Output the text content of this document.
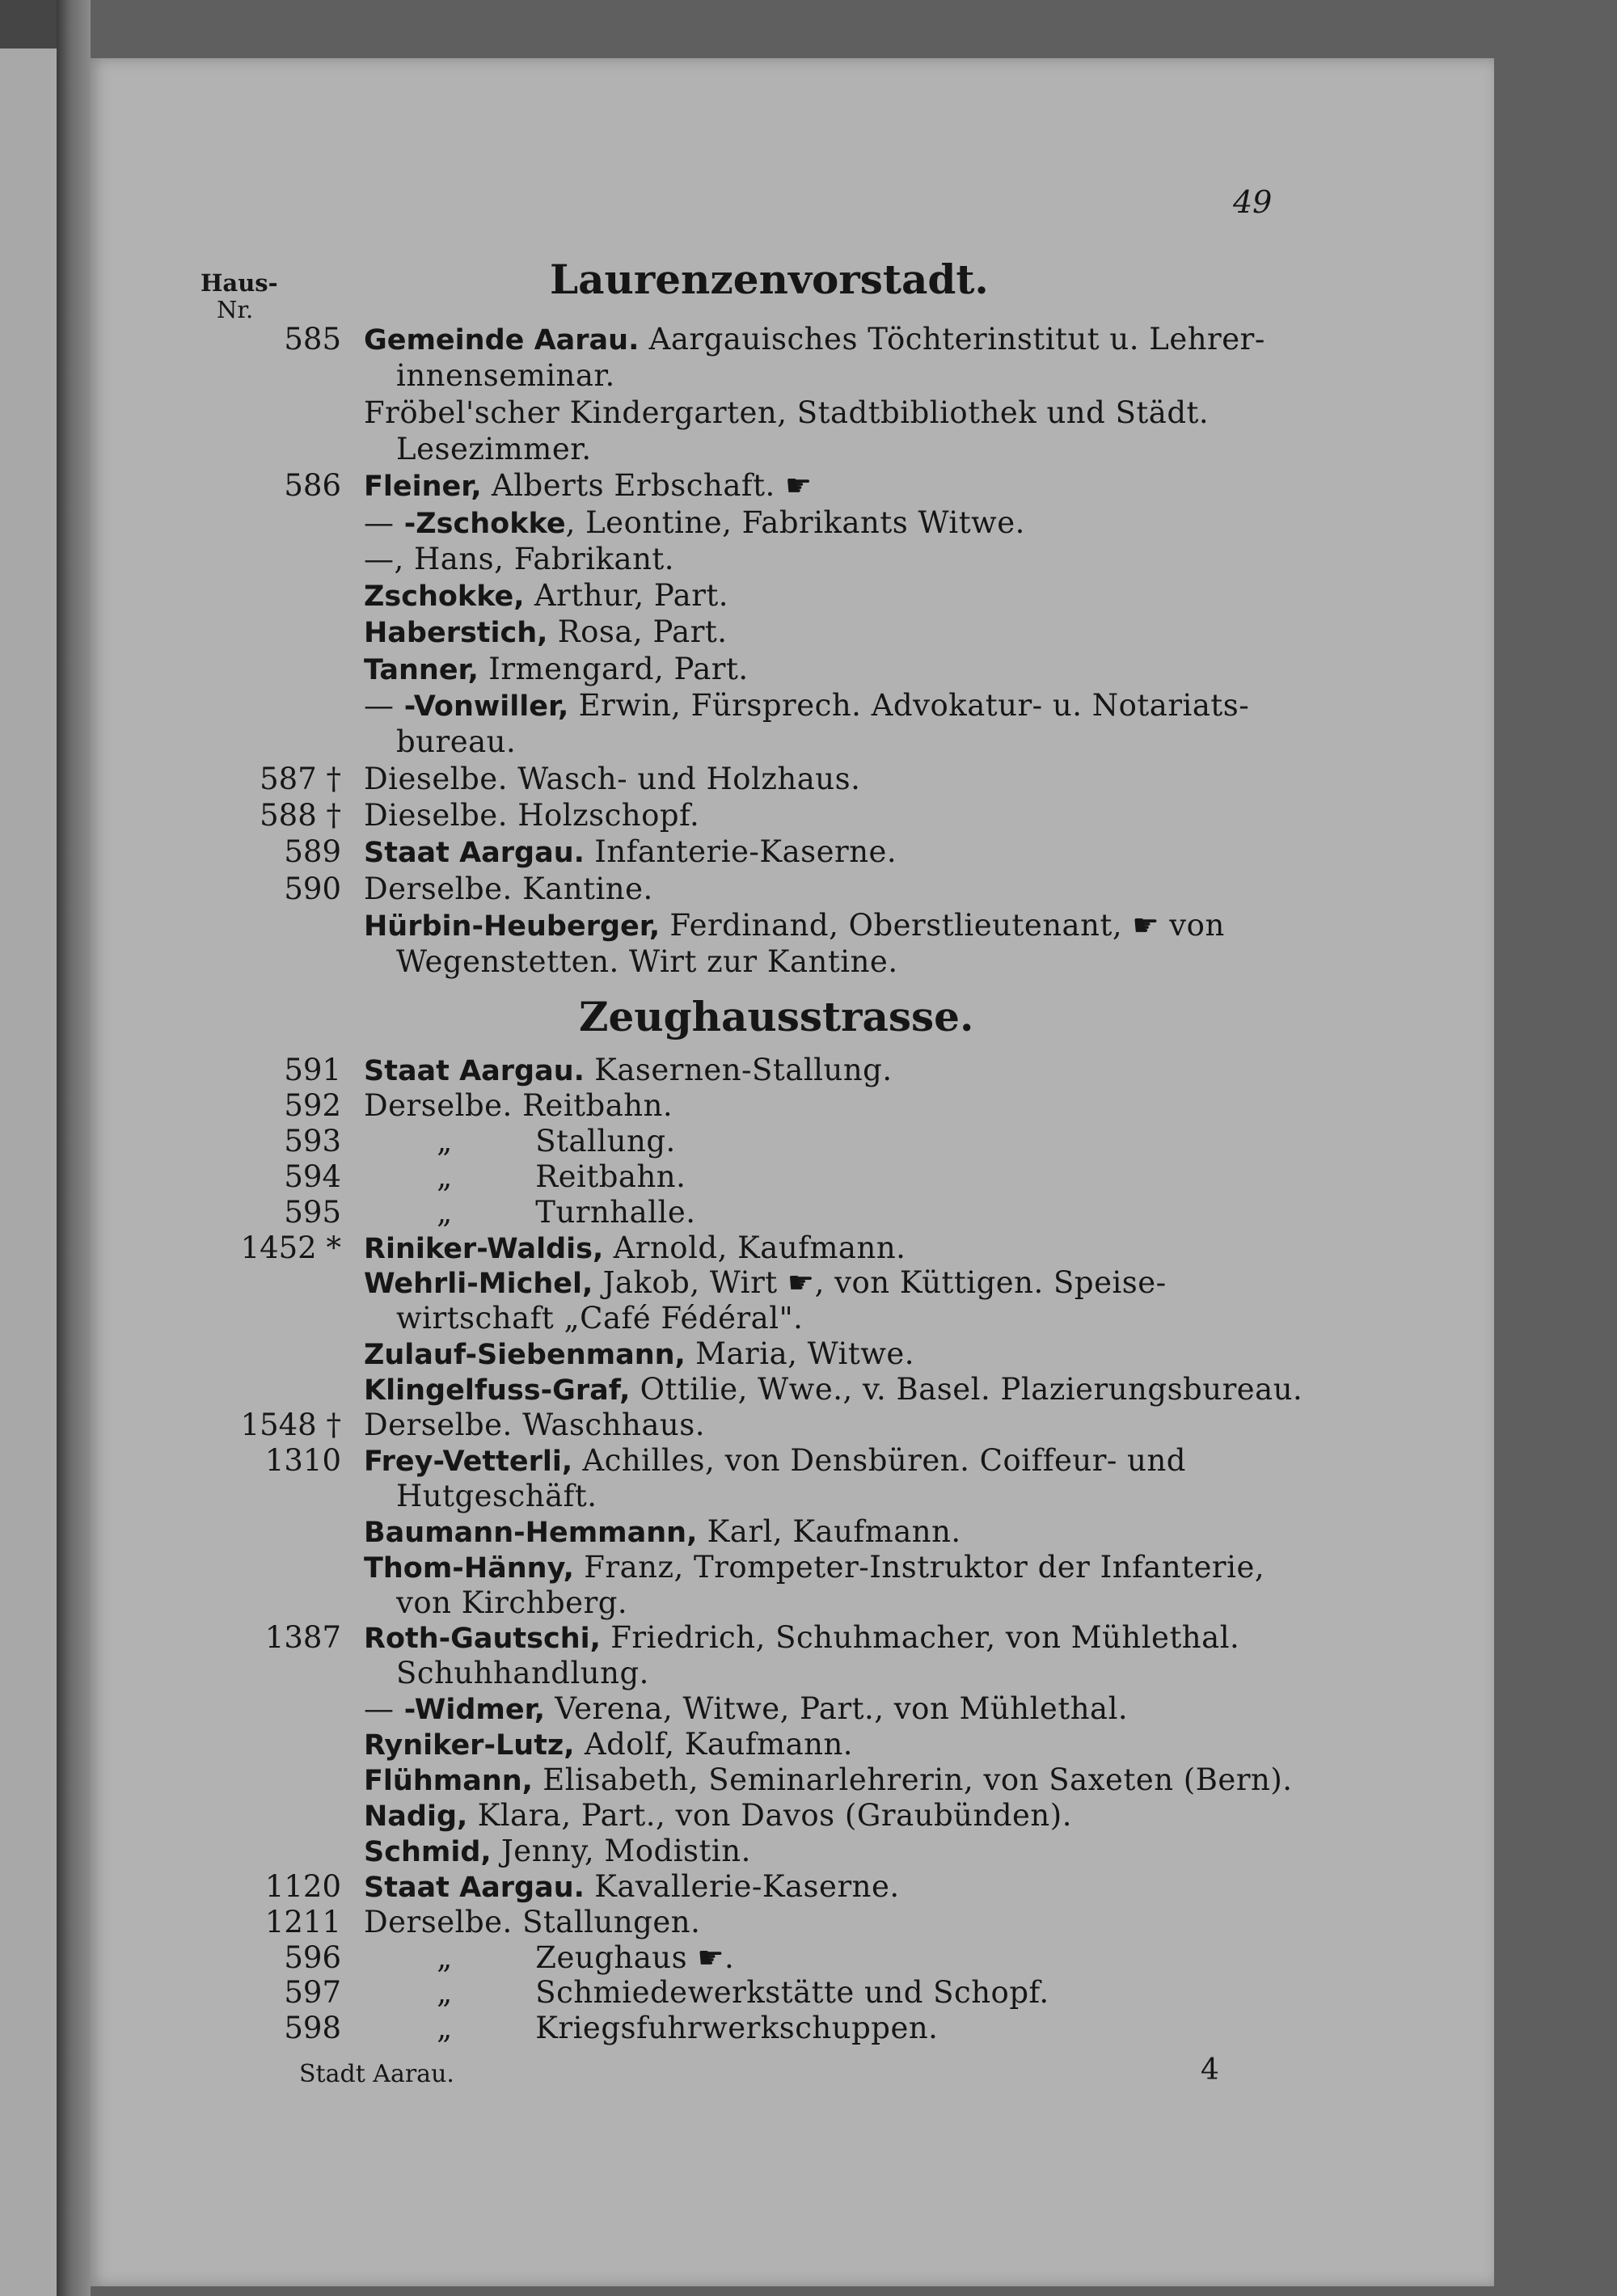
49
Haus-
Nr.
Laurenzenvorstadt.
585 Gemeinde Aarau. Aargauisches Töchterinstitut u. Lehrer-
innenseminar.
Fröbel'scher Kindergarten, Stadtbibliothek und Städt.
Lesezimmer.
586 Fleiner, Alberts Erbschaft. ☛
— -Zschokke, Leontine, Fabrikants Witwe.
—, Hans, Fabrikant.
Zschokke, Arthur, Part.
Haberstich, Rosa, Part.
Tanner, Irmengard, Part.
— -Vonwiller, Erwin, Fürsprech. Advokatur- u. Notariats-
bureau.
587 † Dieselbe. Wasch- und Holzhaus.
588 † Dieselbe. Holzschopf.
589 Staat Aargau. Infanterie-Kaserne.
590 Derselbe. Kantine.
Hürbin-Heuberger, Ferdinand, Oberstlieutenant, ☛ von
Wegenstetten. Wirt zur Kantine.
Zeughausstrasse.
591 Staat Aargau. Kasernen-Stallung.
592 Derselbe. Reitbahn.
593	„	Stallung.
594	„	Reitbahn.
595	„	Turnhalle.
1452 * Riniker-Waldis, Arnold, Kaufmann.
Wehrli-Michel, Jakob, Wirt ☛, von Küttigen. Speise-
wirtschaft „Café Fédéral".
Zulauf-Siebenmann, Maria, Witwe.
Klingelfuss-Graf, Ottilie, Wwe., v. Basel. Plazierungsbureau.
1548 † Derselbe. Waschhaus.
1310 Frey-Vetterli, Achilles, von Densbüren. Coiffeur- und
Hutgeschäft.
Baumann-Hemmann, Karl, Kaufmann.
Thom-Hänny, Franz, Trompeter-Instruktor der Infanterie,
von Kirchberg.
1387 Roth-Gautschi, Friedrich, Schuhmacher, von Mühlethal.
Schuhhandlung.
— -Widmer, Verena, Witwe, Part., von Mühlethal.
Ryniker-Lutz, Adolf, Kaufmann.
Flühmann, Elisabeth, Seminarlehrerin, von Saxeten (Bern).
Nadig, Klara, Part., von Davos (Graubünden).
Schmid, Jenny, Modistin.
1120 Staat Aargau. Kavallerie-Kaserne.
1211 Derselbe. Stallungen.
596	„	Zeughaus ☛.
597	„	Schmiedewerkstätte und Schopf.
598	„	Kriegsfuhrwerkschuppen.
Stadt Aarau.	4
